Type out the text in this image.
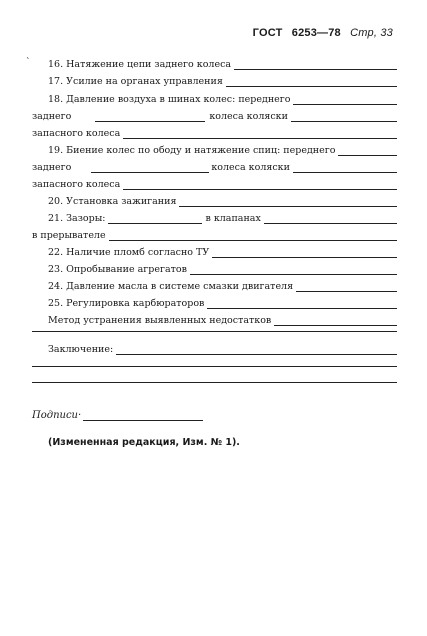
ГОСТ 6253—78 Стр, 33
` 16. Натяжение цепи заднего колеса
17. Усилие на органах управления
18. Давление воздуха в шинах колес: переднего
заднего	колеса коляски
запасного колеса
19. Биение колес по ободу и натяжение спиц: переднего
заднего	колеса коляски
запасного колеса
20. Установка зажигания
21. Зазоры:	в клапанах
в прерывателе
22. Наличие пломб согласно ТУ
23. Опробывание агрегатов
24. Давление масла в системе смазки двигателя
25. Регулировка карбюраторов
Метод устранения выявленных недостатков
Заключение:
Подписи ·
(Измененная редакция, Изм. № 1).
